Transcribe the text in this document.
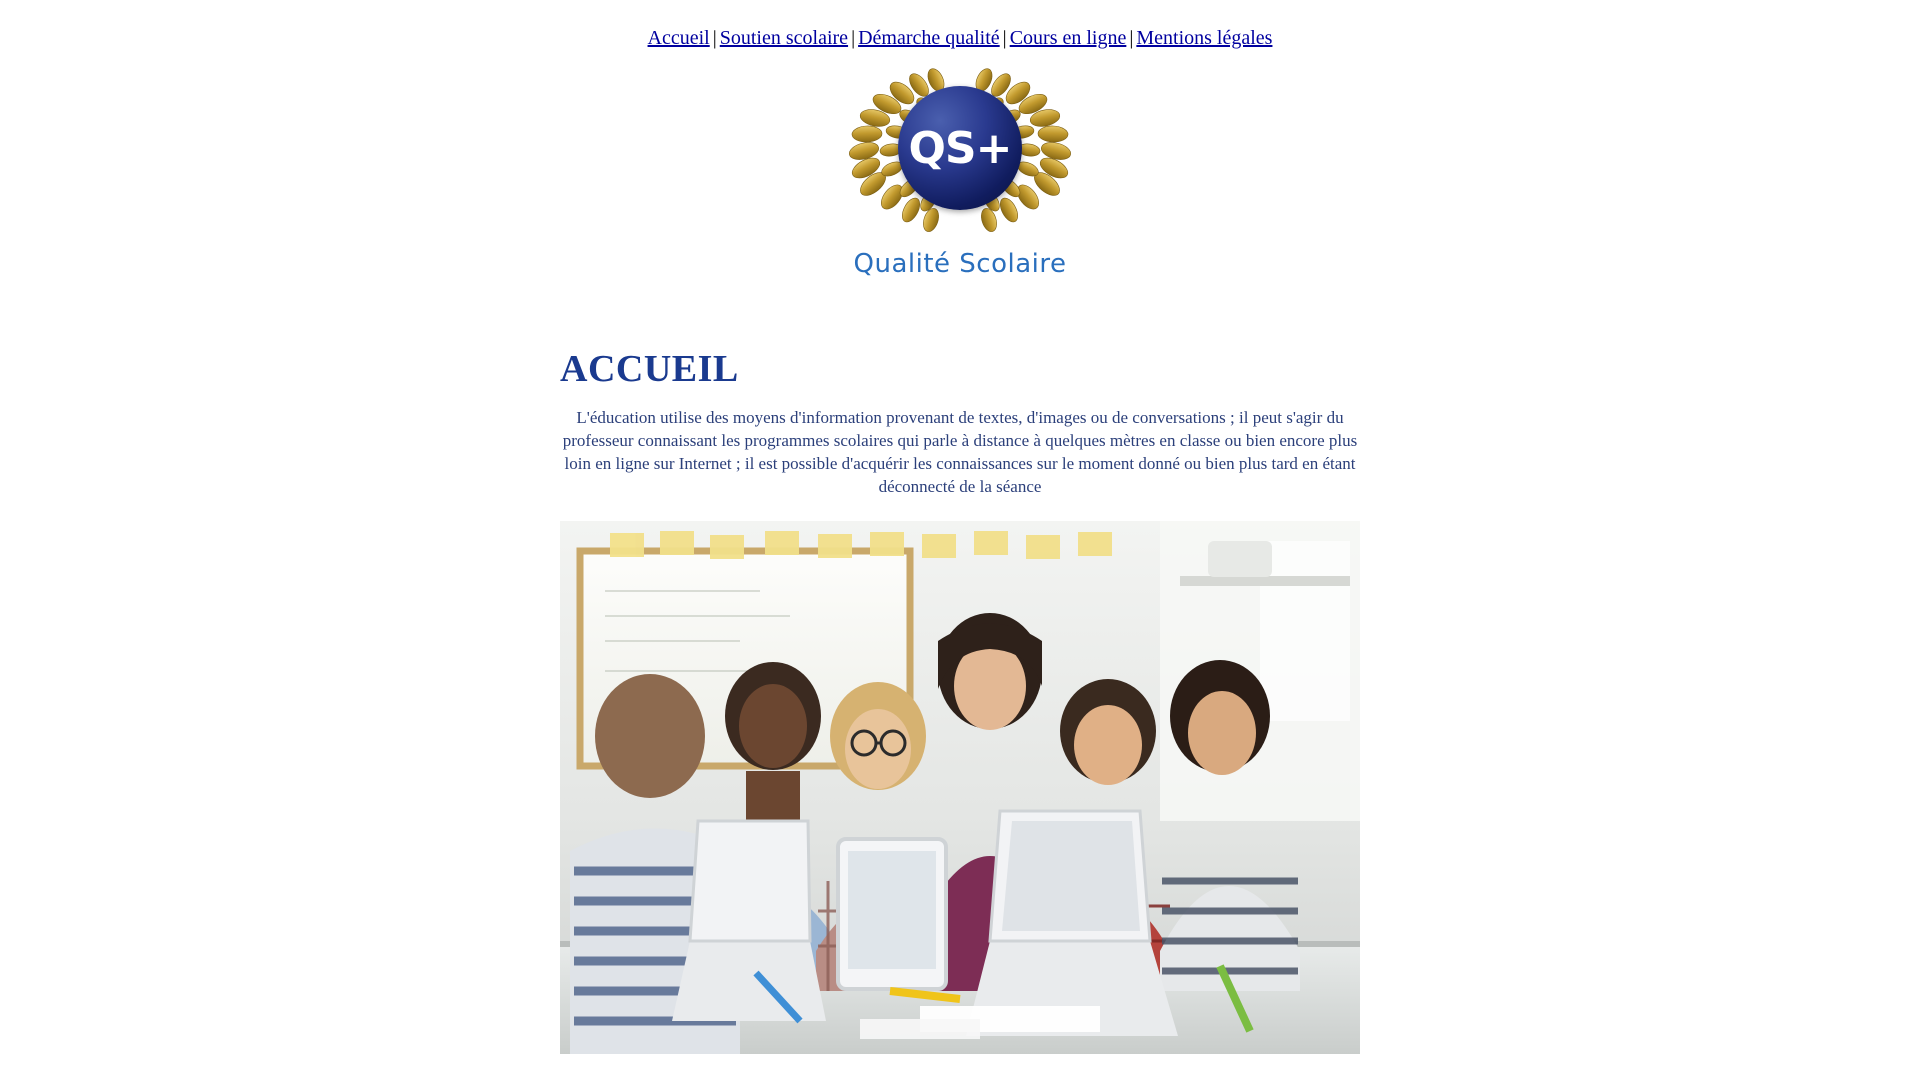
Accueil | Soutien scolaire | Démarche qualité | Cours en ligne | Mentions légales
QS+
Qualité Scolaire
ACCUEIL

L'éducation utilise des moyens d'information provenant de textes, d'images ou de conversations ; il peut s'agir du professeur connaissant les programmes scolaires qui parle à distance à quelques mètres en classe ou bien encore plus loin en ligne sur Internet ; il est possible d'acquérir les connaissances sur le moment donné ou bien plus tard en étant déconnecté de la séance
